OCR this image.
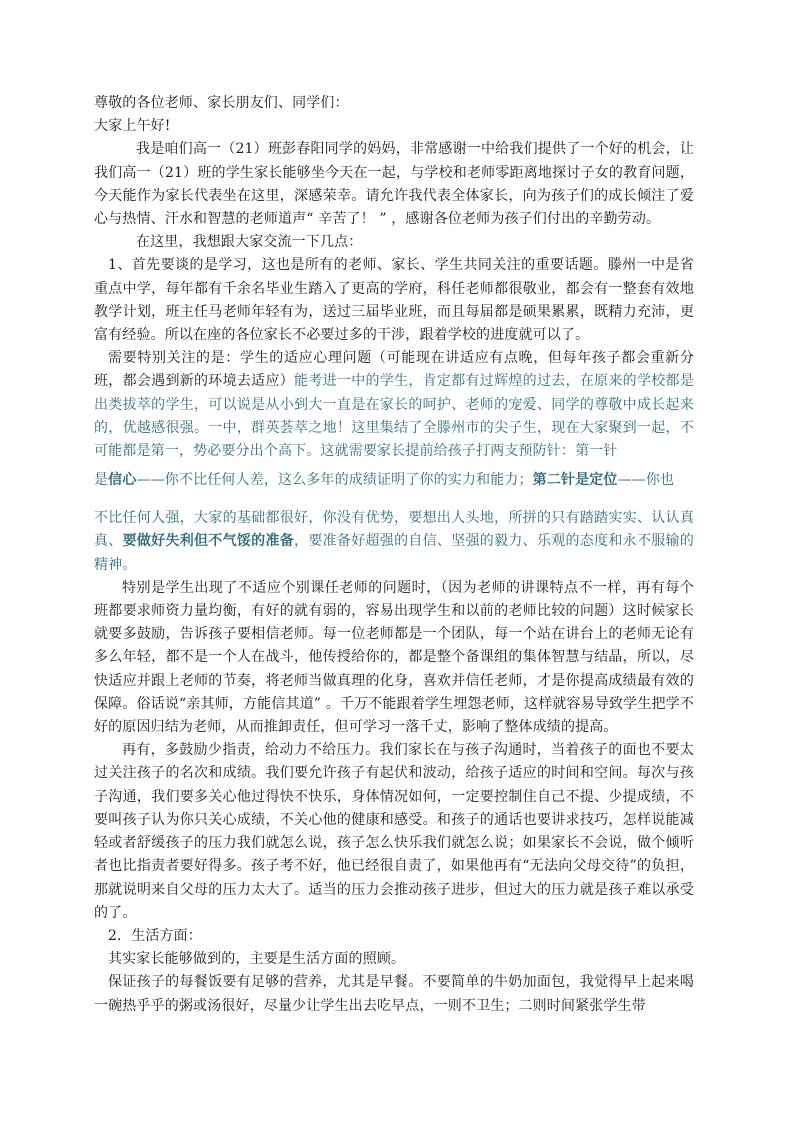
尊敬的各位老师、家长朋友们、同学们：

大家上午好!

我是咱们高一（21）班彭春阳同学的妈妈，非常感谢一中给我们提供了一个好的机会，让我们高一（21）班的学生家长能够坐今天在一起，与学校和老师零距离地探讨子女的教育问题，今天能作为家长代表坐在这里，深感荣幸。请允许我代表全体家长，向为孩子们的成长倾注了爱心与热情、汗水和智慧的老师道声“ 辛苦了！ ” ，感谢各位老师为孩子们付出的辛勤劳动。

在这里，我想跟大家交流一下几点：

1、首先要谈的是学习，这也是所有的老师、家长、学生共同关注的重要话题。滕州一中是省重点中学，每年都有千余名毕业生踏入了更高的学府，科任老师都很敬业，都会有一整套有效地教学计划，班主任马老师年轻有为，送过三届毕业班，而且每届都是硕果累累，既精力充沛，更富有经验。所以在座的各位家长不必要过多的干涉，跟着学校的进度就可以了。

需要特别关注的是：学生的适应心理问题（可能现在讲适应有点晚，但每年孩子都会重新分班，都会遇到新的环境去适应）能考进一中的学生，肯定都有过辉煌的过去，在原来的学校都是出类拔萃的学生，可以说是从小到大一直是在家长的呵护、老师的宠爱、同学的尊敬中成长起来的，优越感很强。一中，群英荟萃之地！这里集结了全滕州市的尖子生，现在大家聚到一起，不可能都是第一，势必要分出个高下。这就需要家长提前给孩子打两支预防针：第一针

是信心——你不比任何人差，这么多年的成绩证明了你的实力和能力；第二针是定位——你也

不比任何人强，大家的基础都很好，你没有优势，要想出人头地，所拼的只有踏踏实实、认认真真、要做好失利但不气馁的准备，要准备好超强的自信、坚强的毅力、乐观的态度和永不服输的精神。

特别是学生出现了不适应个别课任老师的问题时，（因为老师的讲课特点不一样，再有每个班都要求师资力量均衡，有好的就有弱的，容易出现学生和以前的老师比较的问题）这时候家长就要多鼓励，告诉孩子要相信老师。每一位老师都是一个团队，每一个站在讲台上的老师无论有多么年轻，都不是一个人在战斗，他传授给你的，都是整个备课组的集体智慧与结晶，所以，尽快适应并跟上老师的节奏，将老师当做真理的化身，喜欢并信任老师，才是你提高成绩最有效的保障。俗话说“亲其师，方能信其道” 。千万不能跟着学生埋怨老师，这样就容易导致学生把学不好的原因归结为老师，从而推卸责任，但可学习一落千丈，影响了整体成绩的提高。

再有，多鼓励少指责，给动力不给压力。我们家长在与孩子沟通时，当着孩子的面也不要太过关注孩子的名次和成绩。我们要允许孩子有起伏和波动，给孩子适应的时间和空间。每次与孩子沟通，我们要多关心他过得快不快乐，身体情况如何，一定要控制住自己不提、少提成绩，不要叫孩子认为你只关心成绩，不关心他的健康和感受。和孩子的通话也要讲求技巧，怎样说能减轻或者舒缓孩子的压力我们就怎么说，孩子怎么快乐我们就怎么说；如果家长不会说，做个倾听者也比指责者要好得多。孩子考不好，他已经很自责了，如果他再有“无法向父母交待”的负担，那就说明来自父母的压力太大了。适当的压力会推动孩子进步，但过大的压力就是孩子难以承受的了。

2．生活方面：

其实家长能够做到的，主要是生活方面的照顾。

保证孩子的每餐饭要有足够的营养，尤其是早餐。不要简单的牛奶加面包，我觉得早上起来喝一碗热乎乎的粥或汤很好，尽量少让学生出去吃早点，一则不卫生；二则时间紧张学生带
